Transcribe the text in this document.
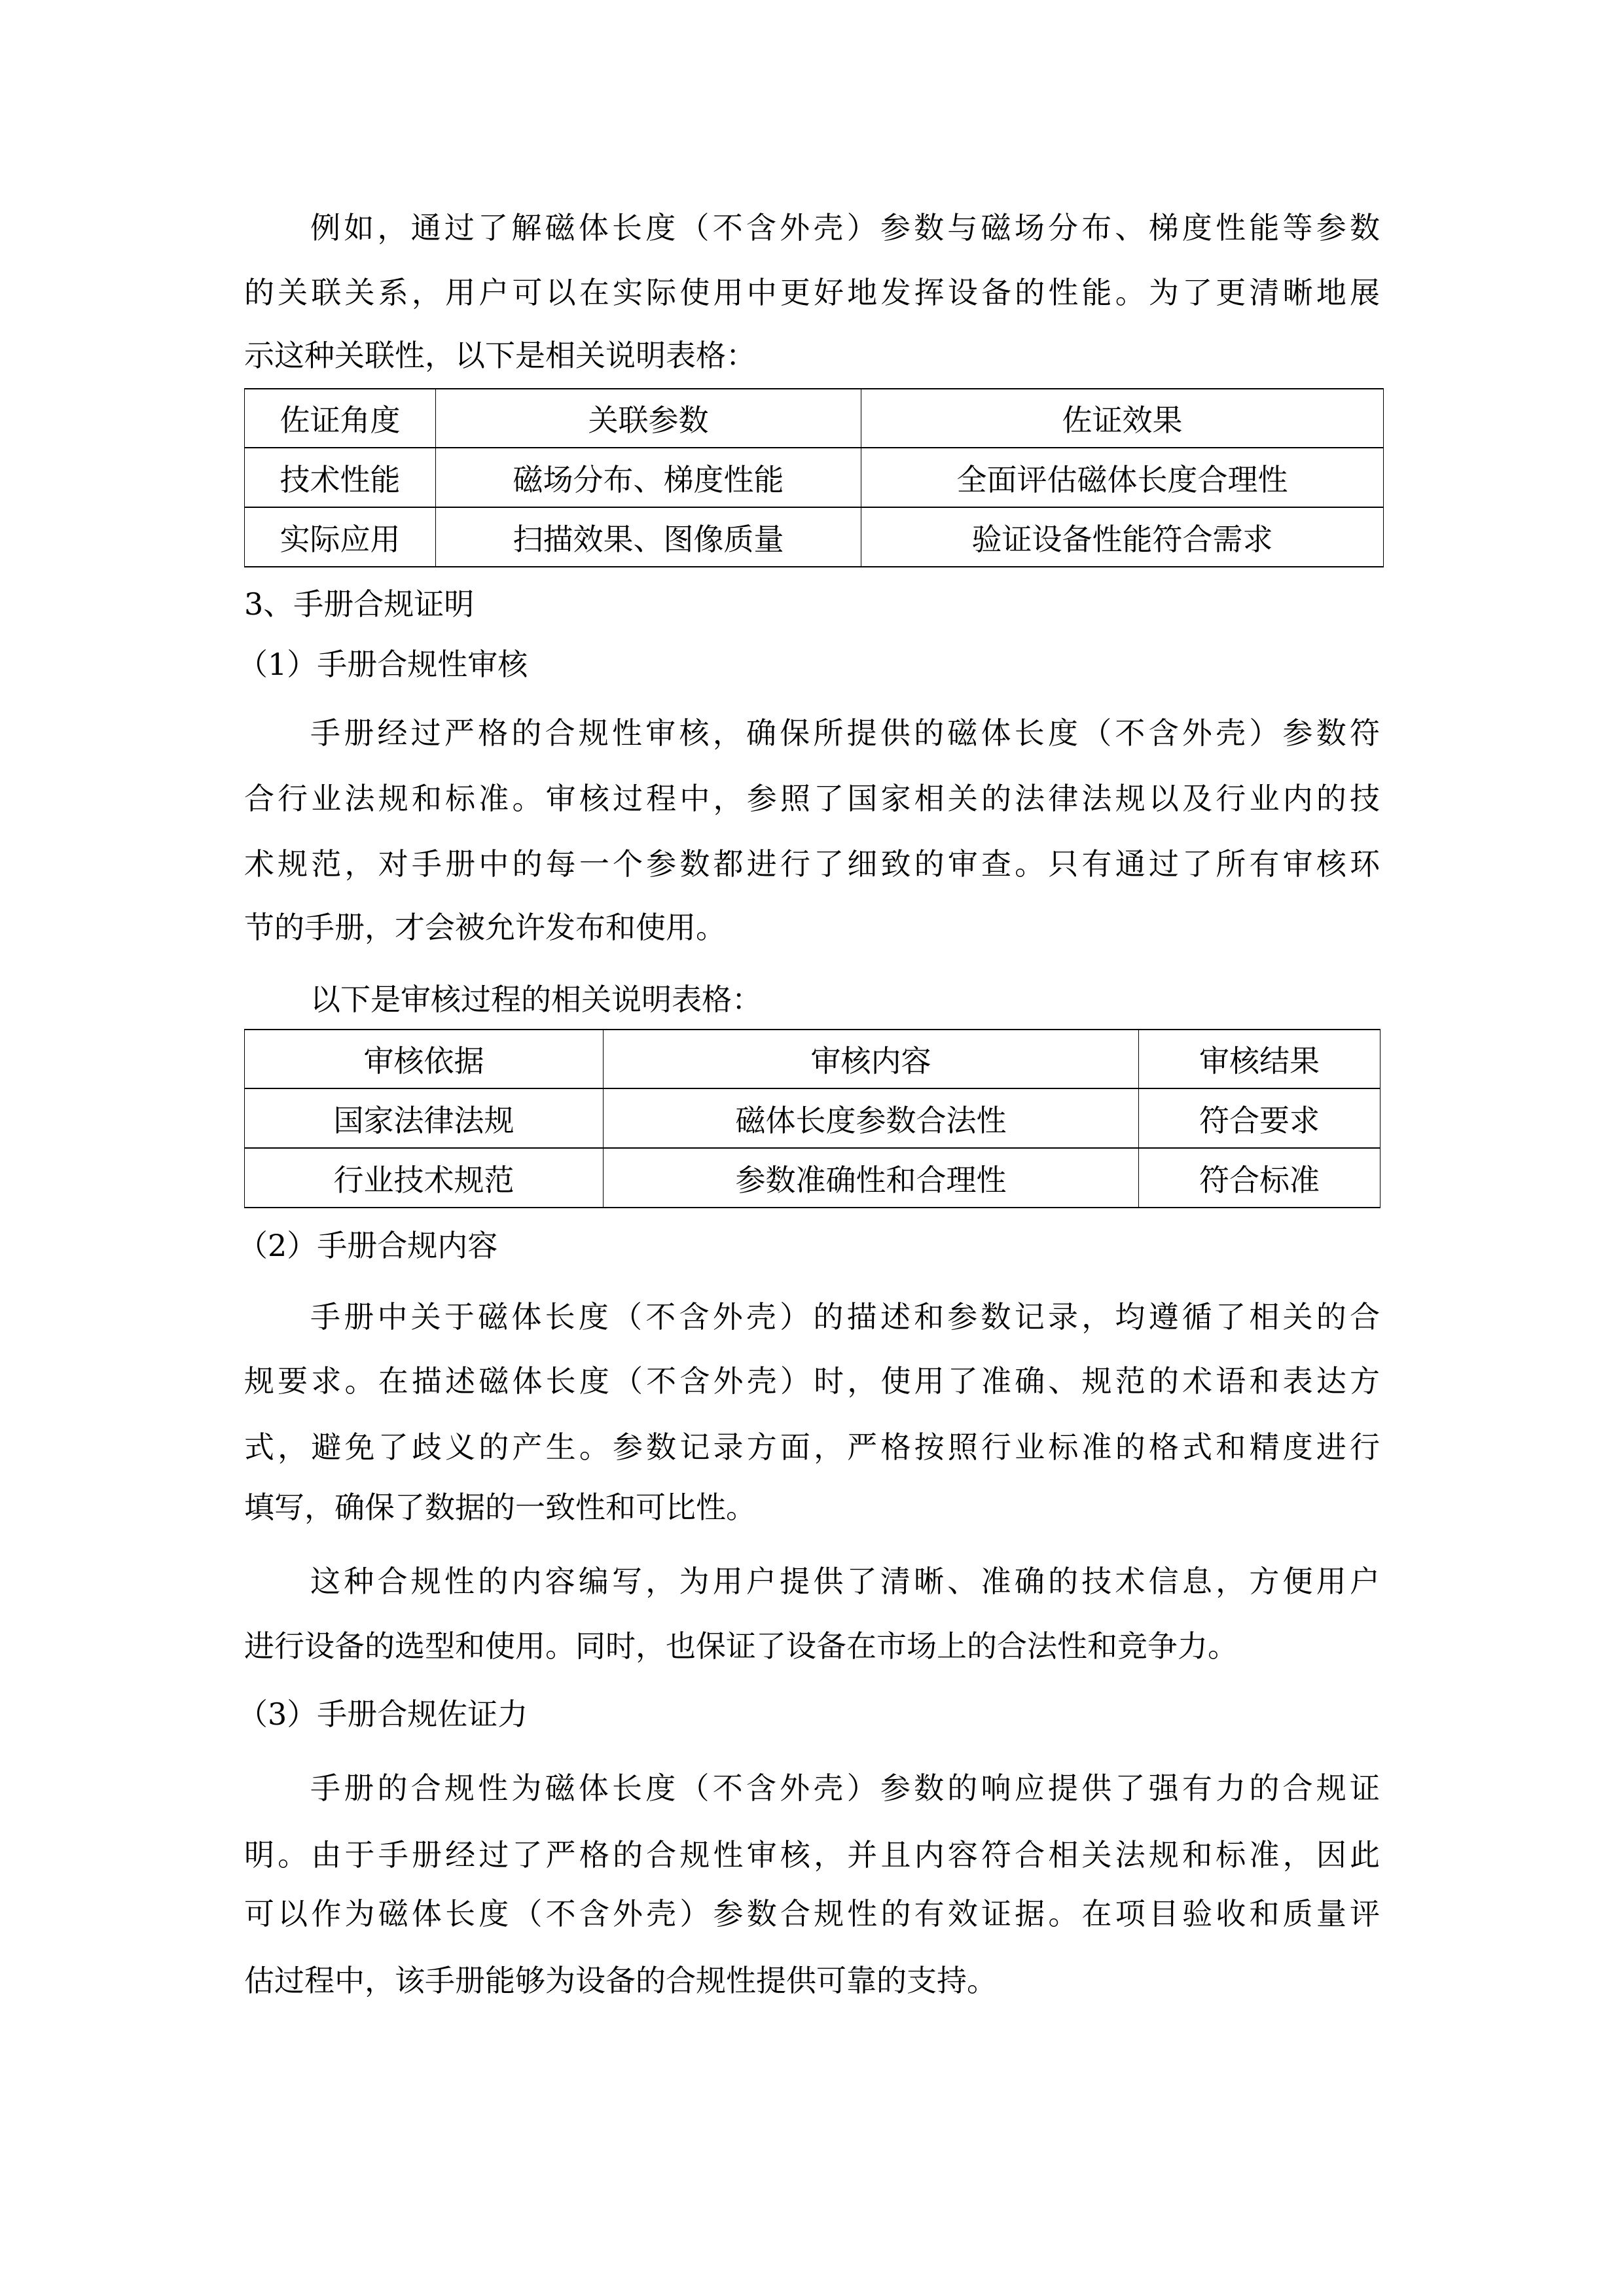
例如，通过了解磁体长度（不含外壳）参数与磁场分布、梯度性能等参数
的关联关系，用户可以在实际使用中更好地发挥设备的性能。为了更清晰地展
示这种关联性，以下是相关说明表格：
佐证角度	关联参数	佐证效果
技术性能	磁场分布、梯度性能	全面评估磁体长度合理性
实际应用	扫描效果、图像质量	验证设备性能符合需求
3、手册合规证明
（1）手册合规性审核
手册经过严格的合规性审核，确保所提供的磁体长度（不含外壳）参数符
合行业法规和标准。审核过程中，参照了国家相关的法律法规以及行业内的技
术规范，对手册中的每一个参数都进行了细致的审查。只有通过了所有审核环
节的手册，才会被允许发布和使用。
以下是审核过程的相关说明表格：
审核依据	审核内容	审核结果
国家法律法规	磁体长度参数合法性	符合要求
行业技术规范	参数准确性和合理性	符合标准
（2）手册合规内容
手册中关于磁体长度（不含外壳）的描述和参数记录，均遵循了相关的合
规要求。在描述磁体长度（不含外壳）时，使用了准确、规范的术语和表达方
式，避免了歧义的产生。参数记录方面，严格按照行业标准的格式和精度进行
填写，确保了数据的一致性和可比性。
这种合规性的内容编写，为用户提供了清晰、准确的技术信息，方便用户
进行设备的选型和使用。同时，也保证了设备在市场上的合法性和竞争力。
（3）手册合规佐证力
手册的合规性为磁体长度（不含外壳）参数的响应提供了强有力的合规证
明。由于手册经过了严格的合规性审核，并且内容符合相关法规和标准，因此
可以作为磁体长度（不含外壳）参数合规性的有效证据。在项目验收和质量评
估过程中，该手册能够为设备的合规性提供可靠的支持。
